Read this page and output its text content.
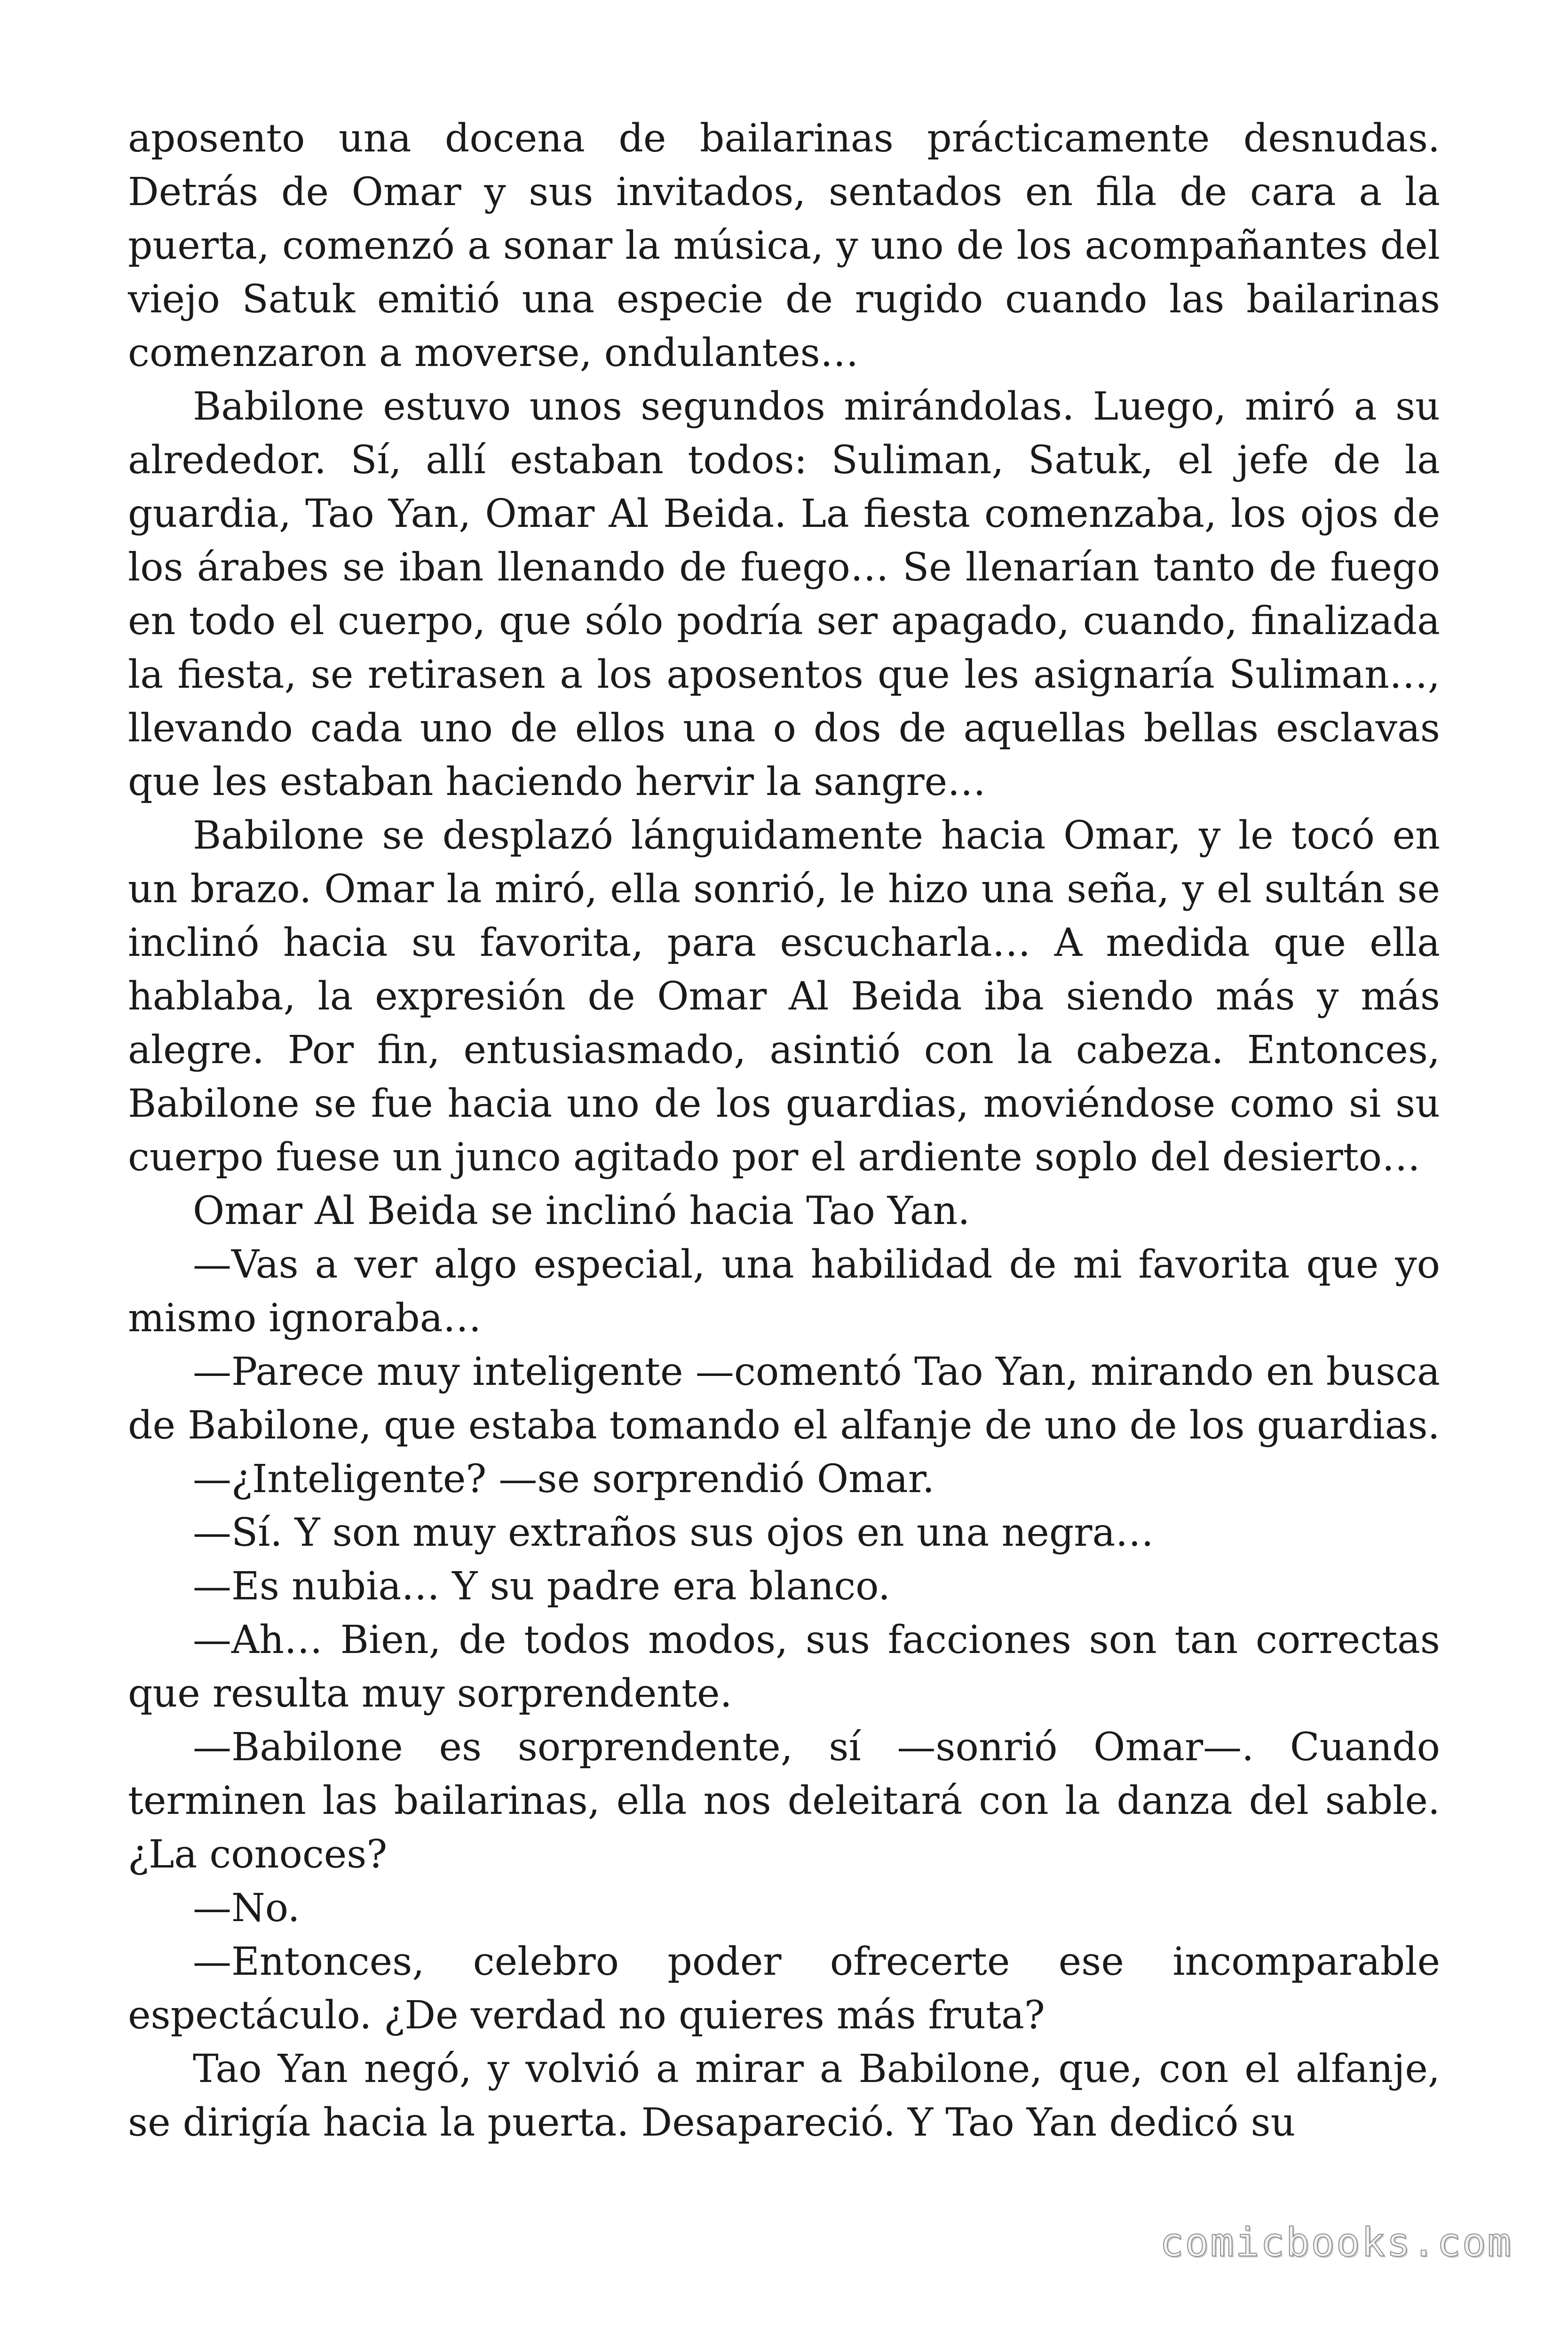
aposento una docena de bailarinas prácticamente desnudas. Detrás de Omar y sus invitados, sentados en fila de cara a la puerta, comenzó a sonar la música, y uno de los acompañantes del viejo Satuk emitió una especie de rugido cuando las bailarinas comenzaron a moverse, ondulantes…

Babilone estuvo unos segundos mirándolas. Luego, miró a su alrededor. Sí, allí estaban todos: Suliman, Satuk, el jefe de la guardia, Tao Yan, Omar Al Beida. La fiesta comenzaba, los ojos de los árabes se iban llenando de fuego… Se llenarían tanto de fuego en todo el cuerpo, que sólo podría ser apagado, cuando, finalizada la fiesta, se retirasen a los aposentos que les asignaría Suliman…, llevando cada uno de ellos una o dos de aquellas bellas esclavas que les estaban haciendo hervir la sangre…

Babilone se desplazó lánguidamente hacia Omar, y le tocó en un brazo. Omar la miró, ella sonrió, le hizo una seña, y el sultán se inclinó hacia su favorita, para escucharla… A medida que ella hablaba, la expresión de Omar Al Beida iba siendo más y más alegre. Por fin, entusiasmado, asintió con la cabeza. Entonces, Babilone se fue hacia uno de los guardias, moviéndose como si su cuerpo fuese un junco agitado por el ardiente soplo del desierto…

Omar Al Beida se inclinó hacia Tao Yan.

—Vas a ver algo especial, una habilidad de mi favorita que yo mismo ignoraba…

—Parece muy inteligente —comentó Tao Yan, mirando en busca de Babilone, que estaba tomando el alfanje de uno de los guardias.

—¿Inteligente? —se sorprendió Omar.

—Sí. Y son muy extraños sus ojos en una negra…

—Es nubia… Y su padre era blanco.

—Ah… Bien, de todos modos, sus facciones son tan correctas que resulta muy sorprendente.

—Babilone es sorprendente, sí —sonrió Omar—. Cuando terminen las bailarinas, ella nos deleitará con la danza del sable. ¿La conoces?

—No.

—Entonces, celebro poder ofrecerte ese incomparable espectáculo. ¿De verdad no quieres más fruta?

Tao Yan negó, y volvió a mirar a Babilone, que, con el alfanje, se dirigía hacia la puerta. Desapareció. Y Tao Yan dedicó su

comicbooks.com
